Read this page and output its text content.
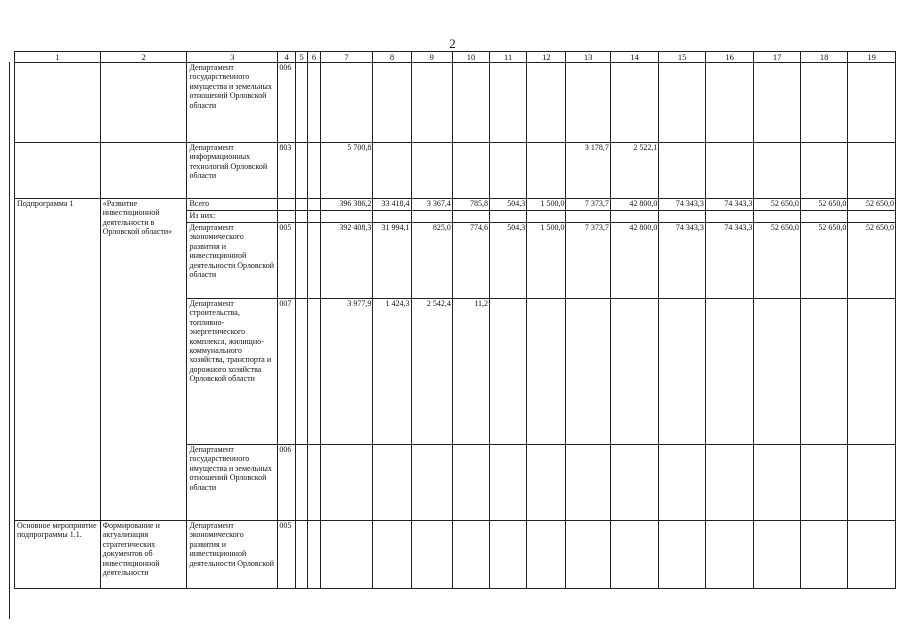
2
1	2	3	4	5	6	7	8	9	10	11	12	13	14	15	16	17	18	19
		Департамент государственного имущества и земельных отношений Орловской области	006															
		Департамент информационных технологий Орловской области	803			5 700,8						3 178,7	2 522,1					
Подпрограмма 1	«Развитие инвестиционной деятельности в Орловской области»	Всего				396 386,2	33 418,4	3 367,4	785,8	504,3	1 500,0	7 373,7	42 800,0	74 343,3	74 343,3	52 650,0	52 650,0	52 650,0
		Из них:																
		Департамент экономического развития и инвестиционной деятельности Орловской области	005			392 408,3	31 994,1	825,0	774,6	504,3	1 500,0	7 373,7	42 800,0	74 343,3	74 343,3	52 650,0	52 650,0	52 650,0
		Департамент строительства, топливно-энергетического комплекса, жилищно-коммунального хозяйства, транспорта и дорожного хозяйства Орловской области	007			3 977,9	1 424,3	2 542,4	11,2									
		Департамент государственного имущества и земельных отношений Орловской области	006															
Основное мероприятие подпрограммы 1.1.	Формирование и актуализация стратегических документов об инвестиционной деятельности	Департамент экономического развития и инвестиционной деятельности Орловской	005															
